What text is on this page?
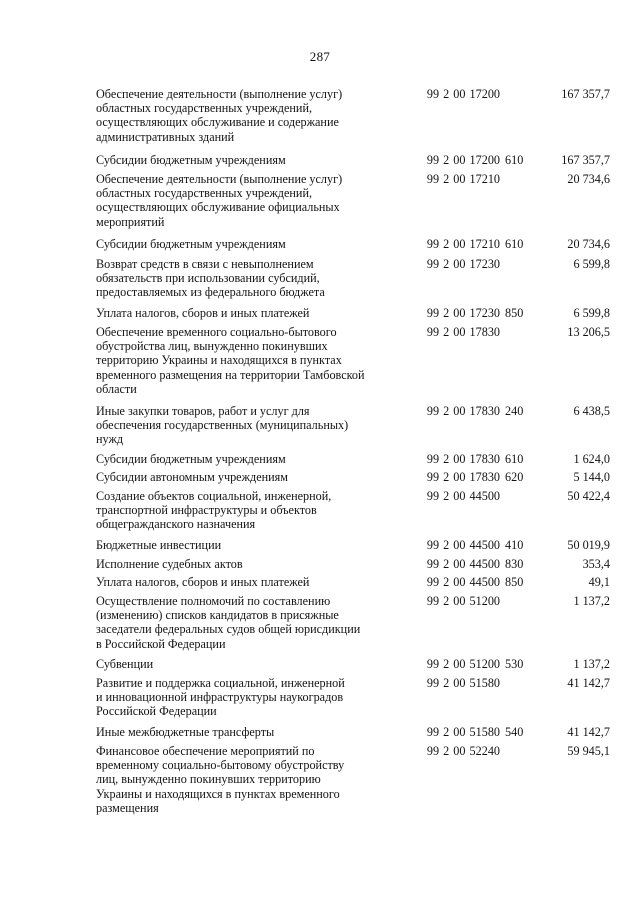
287
Обеспечение деятельности (выполнение услуг)
областных государственных учреждений,
осуществляющих обслуживание и содержание
административных зданий
99 2 00 17200	167 357,7
Субсидии бюджетным учреждениям	99 2 00 17200 610	167 357,7
Обеспечение деятельности (выполнение услуг)
областных государственных учреждений,
осуществляющих обслуживание официальных
мероприятий
99 2 00 17210	20 734,6
Субсидии бюджетным учреждениям	99 2 00 17210 610	20 734,6
Возврат средств в связи с невыполнением
обязательств при использовании субсидий,
предоставляемых из федерального бюджета
99 2 00 17230	6 599,8
Уплата налогов, сборов и иных платежей	99 2 00 17230 850	6 599,8
Обеспечение временного социально-бытового
обустройства лиц, вынужденно покинувших
территорию Украины и находящихся в пунктах
временного размещения на территории Тамбовской
области
99 2 00 17830	13 206,5
Иные закупки товаров, работ и услуг для
обеспечения государственных (муниципальных)
нужд
99 2 00 17830 240	6 438,5
Субсидии бюджетным учреждениям	99 2 00 17830 610	1 624,0
Субсидии автономным учреждениям	99 2 00 17830 620	5 144,0
Создание объектов социальной, инженерной,
транспортной инфраструктуры и объектов
общегражданского назначения
99 2 00 44500	50 422,4
Бюджетные инвестиции	99 2 00 44500 410	50 019,9
Исполнение судебных актов	99 2 00 44500 830	353,4
Уплата налогов, сборов и иных платежей	99 2 00 44500 850	49,1
Осуществление полномочий по составлению
(изменению) списков кандидатов в присяжные
заседатели федеральных судов общей юрисдикции
в Российской Федерации
99 2 00 51200	1 137,2
Субвенции	99 2 00 51200 530	1 137,2
Развитие и поддержка социальной, инженерной
и инновационной инфраструктуры наукоградов
Российской Федерации
99 2 00 51580	41 142,7
Иные межбюджетные трансферты	99 2 00 51580 540	41 142,7
Финансовое обеспечение мероприятий по
временному социально-бытовому обустройству
лиц, вынужденно покинувших территорию
Украины и находящихся в пунктах временного
размещения
99 2 00 52240	59 945,1
